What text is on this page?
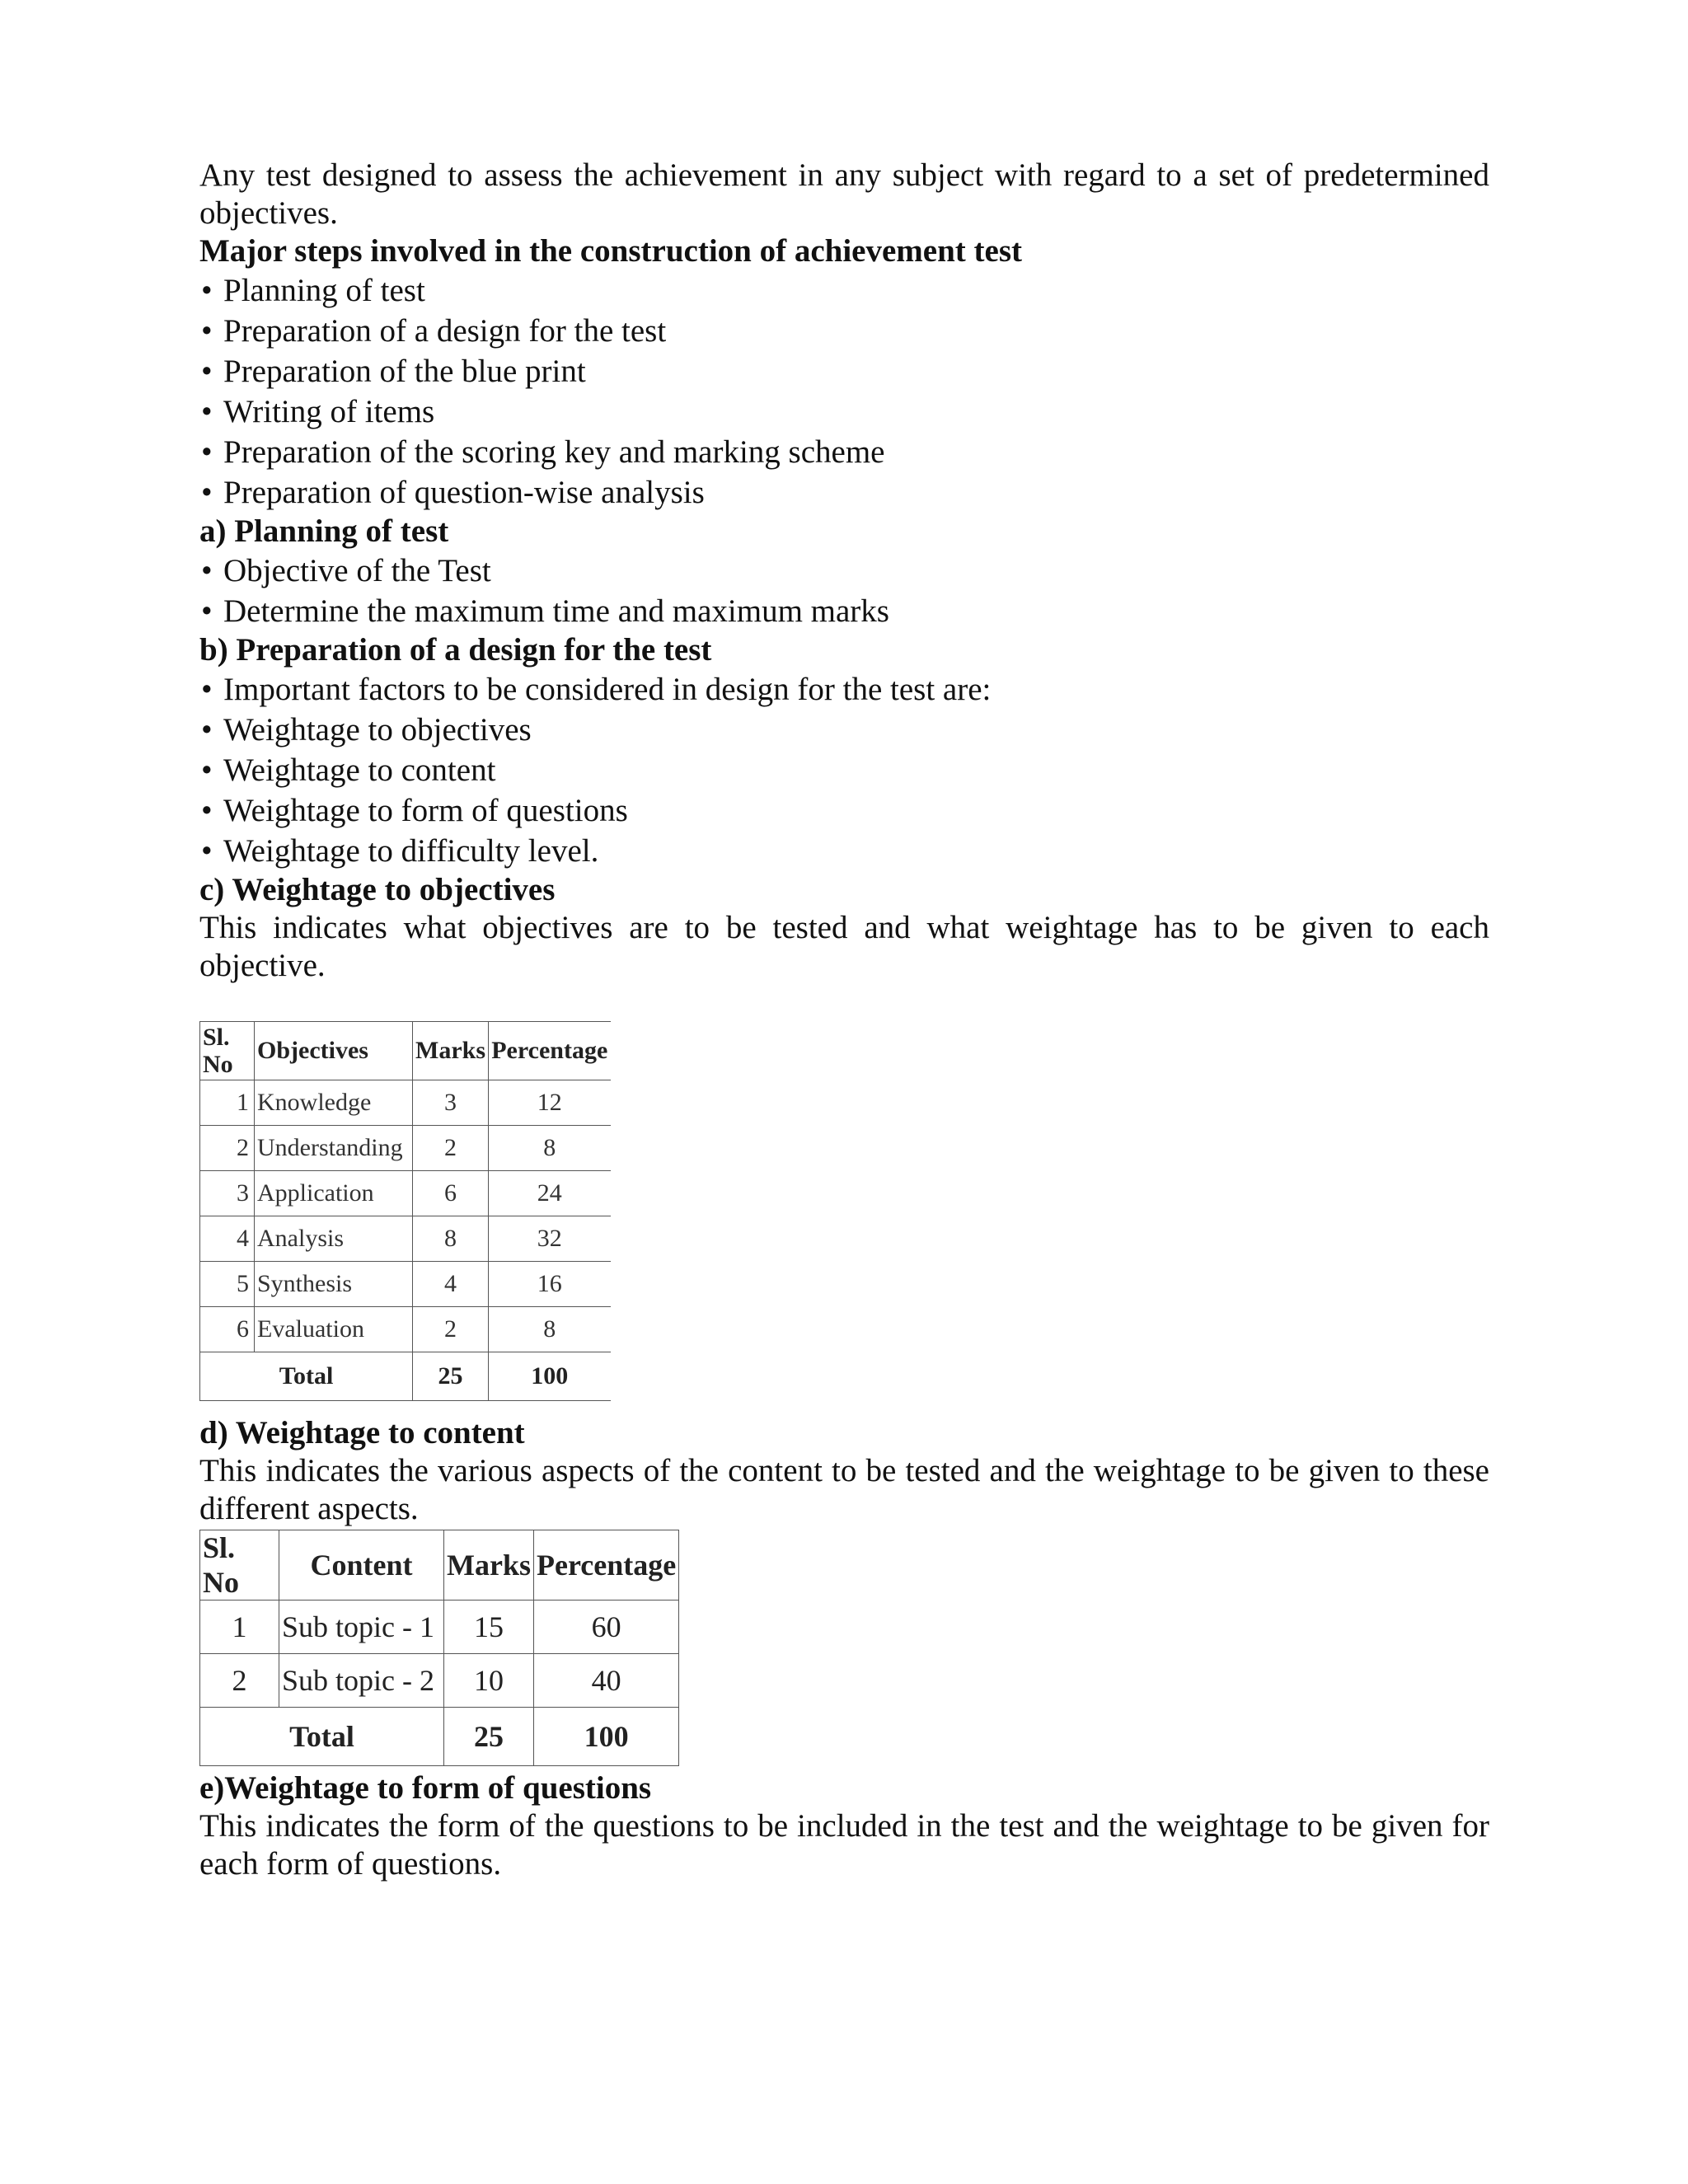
Any test designed to assess the achievement in any subject with regard to a set of predetermined objectives.

Major steps involved in the construction of achievement test

• Planning of test
• Preparation of a design for the test
• Preparation of the blue print
• Writing of items
• Preparation of the scoring key and marking scheme
• Preparation of question-wise analysis

a) Planning of test

• Objective of the Test
• Determine the maximum time and maximum marks

b) Preparation of a design for the test

• Important factors to be considered in design for the test are:
• Weightage to objectives
• Weightage to content
• Weightage to form of questions
• Weightage to difficulty level.

c) Weightage to objectives

This indicates what objectives are to be tested and what weightage has to be given to each objective.

Sl. No	Objectives	Marks	Percentage
1	Knowledge	3	12
2	Understanding	2	8
3	Application	6	24
4	Analysis	8	32
5	Synthesis	4	16
6	Evaluation	2	8
Total		25	100

d) Weightage to content

This indicates the various aspects of the content to be tested and the weightage to be given to these different aspects.

Sl. No	Content	Marks	Percentage
1	Sub topic - 1	15	60
2	Sub topic - 2	10	40
Total		25	100

e)Weightage to form of questions

This indicates the form of the questions to be included in the test and the weightage to be given for each form of questions.
